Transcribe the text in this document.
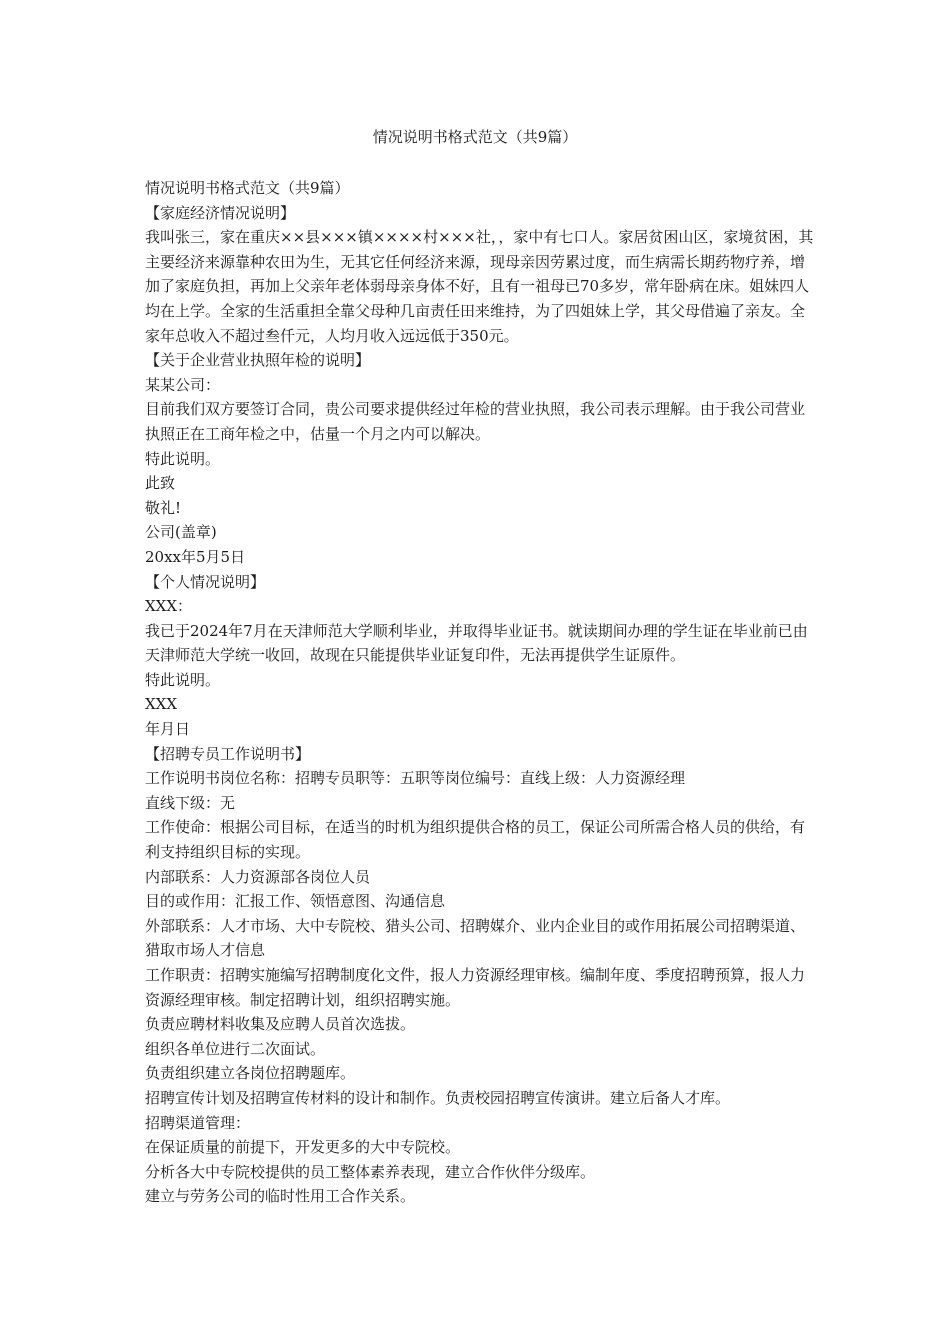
情况说明书格式范文（共9篇）

情况说明书格式范文（共9篇）

【家庭经济情况说明】

我叫张三，家在重庆××县×××镇××××村×××社，，家中有七口人。家居贫困山区，家境贫困，其主要经济来源靠种农田为生，无其它任何经济来源，现母亲因劳累过度，而生病需长期药物疗养，增加了家庭负担，再加上父亲年老体弱母亲身体不好，且有一祖母已70多岁，常年卧病在床。姐妹四人均在上学。全家的生活重担全靠父母种几亩责任田来维持，为了四姐妹上学，其父母借遍了亲友。全家年总收入不超过叁仟元，人均月收入远远低于350元。

【关于企业营业执照年检的说明】

某某公司：

目前我们双方要签订合同，贵公司要求提供经过年检的营业执照，我公司表示理解。由于我公司营业执照正在工商年检之中，估量一个月之内可以解决。

特此说明。

此致

敬礼!

公司(盖章)

20xx年5月5日

【个人情况说明】

XXX：

我已于2024年7月在天津师范大学顺利毕业，并取得毕业证书。就读期间办理的学生证在毕业前已由天津师范大学统一收回，故现在只能提供毕业证复印件，无法再提供学生证原件。

特此说明。

XXX

年月日

【招聘专员工作说明书】

工作说明书岗位名称：招聘专员职等：五职等岗位编号：直线上级：人力资源经理

直线下级：无

工作使命：根据公司目标，在适当的时机为组织提供合格的员工，保证公司所需合格人员的供给，有利支持组织目标的实现。

内部联系：人力资源部各岗位人员

目的或作用：汇报工作、领悟意图、沟通信息

外部联系：人才市场、大中专院校、猎头公司、招聘媒介、业内企业目的或作用拓展公司招聘渠道、猎取市场人才信息

工作职责：招聘实施编写招聘制度化文件，报人力资源经理审核。编制年度、季度招聘预算，报人力资源经理审核。制定招聘计划，组织招聘实施。

负责应聘材料收集及应聘人员首次选拔。

组织各单位进行二次面试。

负责组织建立各岗位招聘题库。

招聘宣传计划及招聘宣传材料的设计和制作。负责校园招聘宣传演讲。建立后备人才库。

招聘渠道管理：

在保证质量的前提下，开发更多的大中专院校。

分析各大中专院校提供的员工整体素养表现，建立合作伙伴分级库。

建立与劳务公司的临时性用工合作关系。
